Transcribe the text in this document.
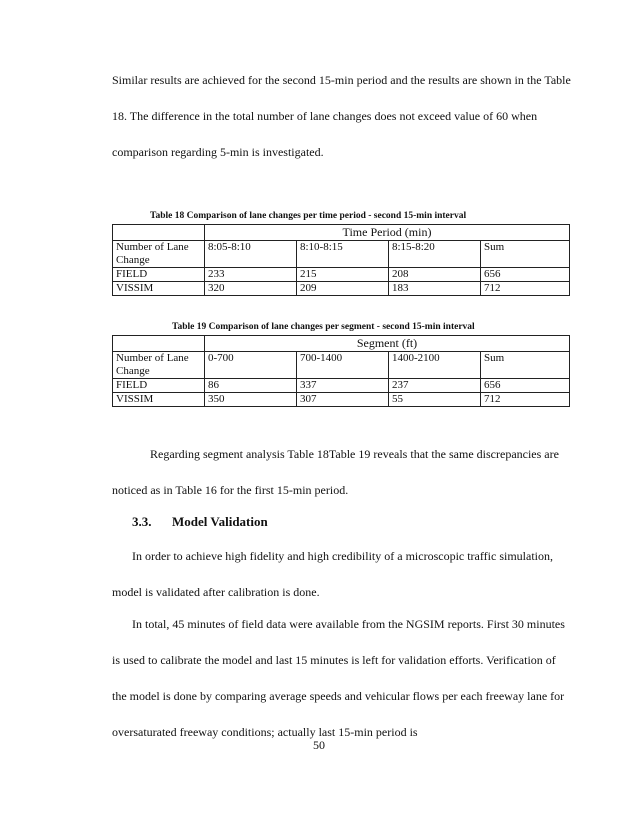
Similar results are achieved for the second 15-min period and the results are shown in the Table 18. The difference in the total number of lane changes does not exceed value of 60 when comparison regarding 5-min is investigated.

Table 18 Comparison of lane changes per time period - second 15-min interval

	Time Period (min)			
Number of Lane Change	8:05-8:10	8:10-8:15	8:15-8:20	Sum
FIELD	233	215	208	656
VISSIM	320	209	183	712

Table 19 Comparison of lane changes per segment - second 15-min interval

	Segment (ft)			
Number of Lane Change	0-700	700-1400	1400-2100	Sum
FIELD	86	337	237	656
VISSIM	350	307	55	712

Regarding segment analysis Table 18Table 19 reveals that the same discrepancies are noticed as in Table 16 for the first 15-min period.

3.3. Model Validation

In order to achieve high fidelity and high credibility of a microscopic traffic simulation, model is validated after calibration is done.

In total, 45 minutes of field data were available from the NGSIM reports. First 30 minutes is used to calibrate the model and last 15 minutes is left for validation efforts. Verification of the model is done by comparing average speeds and vehicular flows per each freeway lane for oversaturated freeway conditions; actually last 15-min period is

50
